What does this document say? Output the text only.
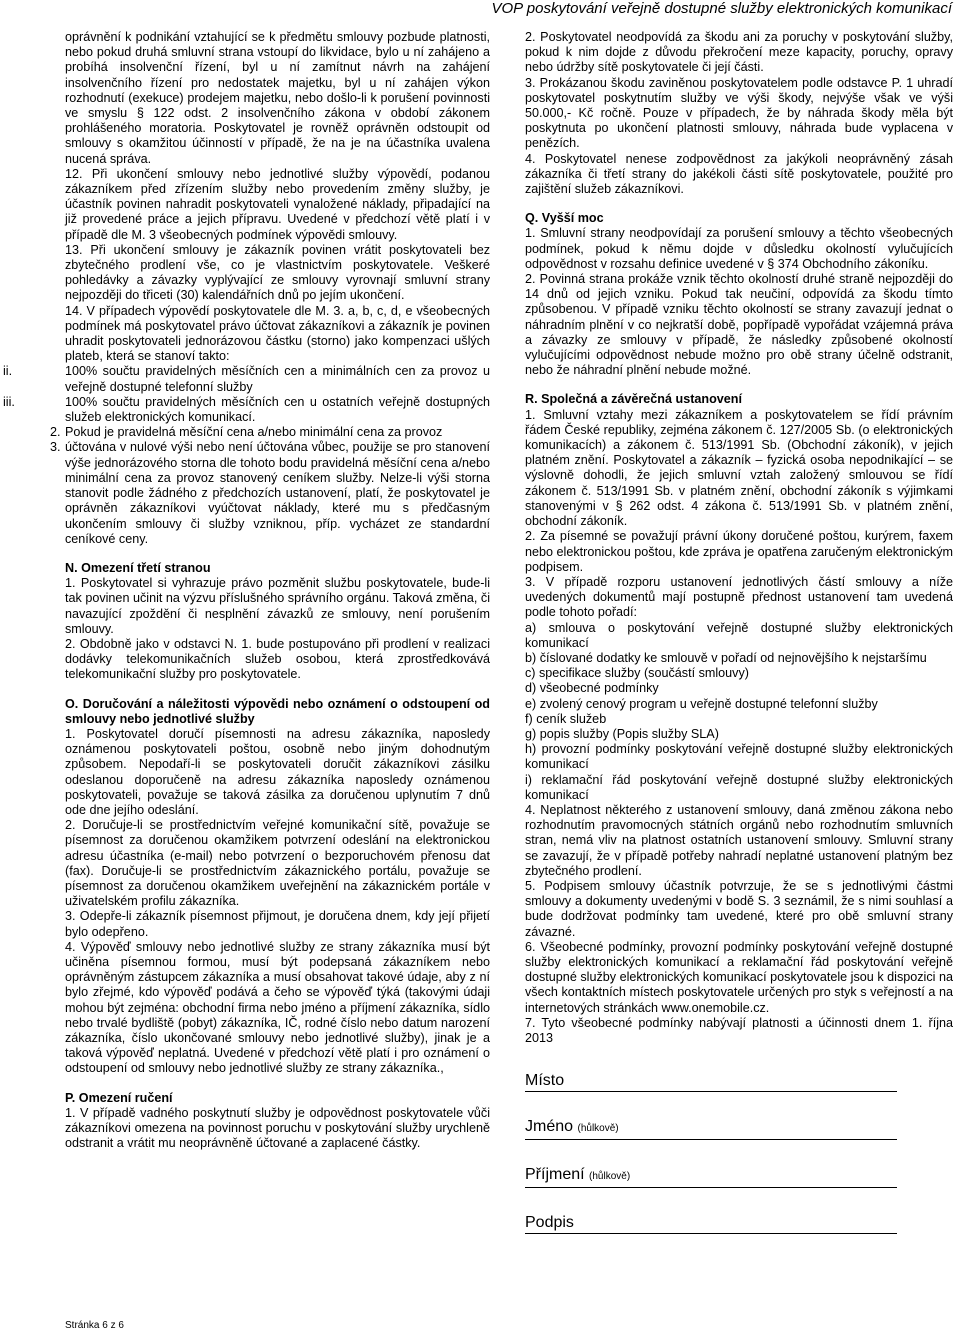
VOP poskytování veřejně dostupné služby elektronických komunikací

oprávnění k podnikání vztahující se k předmětu smlouvy pozbude platnosti, nebo pokud druhá smluvní strana vstoupí do likvidace, bylo u ní zahájeno a probíhá insolvenční řízení, byl u ní zamítnut návrh na zahájení insolvenčního řízení pro nedostatek majetku, byl u ní zahájen výkon rozhodnutí (exekuce) prodejem majetku, nebo došlo-li k porušení povinnosti ve smyslu § 122 odst. 2 insolvenčního zákona v období zákonem prohlášeného moratoria. Poskytovatel je rovněž oprávněn odstoupit od smlouvy s okamžitou účinností v případě, že na je na účastníka uvalena nucená správa.

12. Při ukončení smlouvy nebo jednotlivé služby výpovědí, podanou zákazníkem před zřízením služby nebo provedením změny služby, je účastník povinen nahradit poskytovateli vynaložené náklady, připadající na již provedené práce a jejich přípravu. Uvedené v předchozí větě platí i v případě dle M. 3 všeobecných podmínek výpovědi smlouvy.

13. Při ukončení smlouvy je zákazník povinen vrátit poskytovateli bez zbytečného prodlení vše, co je vlastnictvím poskytovatele. Veškeré pohledávky a závazky vyplývající ze smlouvy vyrovnají smluvní strany nejpozději do třiceti (30) kalendářních dnů po jejím ukončení.

14. V případech výpovědí poskytovatele dle M. 3. a, b, c, d, e všeobecných podmínek má poskytovatel právo účtovat zákazníkovi a zákazník je povinen uhradit poskytovateli jednorázovou částku (storno) jako kompenzaci ušlých plateb, která se stanoví takto:

ii.	100% součtu pravidelných měsíčních cen a minimálních cen za provoz u veřejně dostupné telefonní služby

iii.	100% součtu pravidelných měsíčních cen u ostatních veřejně dostupných služeb elektronických komunikací.

2. Pokud je pravidelná měsíční cena a/nebo minimální cena za provoz

3. účtována v nulové výši nebo není účtována vůbec, použije se pro stanovení výše jednorázového storna dle tohoto bodu pravidelná měsíční cena a/nebo minimální cena za provoz stanovený ceníkem služby. Nelze-li výši storna stanovit podle žádného z předchozích ustanovení, platí, že poskytovatel je oprávněn zákazníkovi vyúčtovat náklady, které mu s předčasným ukončením smlouvy či služby vzniknou, příp. vycházet ze standardní ceníkové ceny.

N. Omezení třetí stranou

1. Poskytovatel si vyhrazuje právo pozměnit službu poskytovatele, bude-li tak povinen učinit na výzvu příslušného správního orgánu. Taková změna, či navazující zpoždění či nesplnění závazků ze smlouvy, není porušením smlouvy.

2. Obdobně jako v odstavci N. 1. bude postupováno při prodlení v realizaci dodávky telekomunikačních služeb osobou, která zprostředkovává telekomunikační služby pro poskytovatele.

O. Doručování a náležitosti výpovědi nebo oznámení o odstoupení od smlouvy nebo jednotlivé služby

1. Poskytovatel doručí písemnosti na adresu zákazníka, naposledy oznámenou poskytovateli poštou, osobně nebo jiným dohodnutým způsobem. Nepodaří-li se poskytovateli doručit zákazníkovi zásilku odeslanou doporučeně na adresu zákazníka naposledy oznámenou poskytovateli, považuje se taková zásilka za doručenou uplynutím 7 dnů ode dne jejího odeslání.

2. Doručuje-li se prostřednictvím veřejné komunikační sítě, považuje se písemnost za doručenou okamžikem potvrzení odeslání na elektronickou adresu účastníka (e-mail) nebo potvrzení o bezporuchovém přenosu dat (fax). Doručuje-li se prostřednictvím zákaznického portálu, považuje se písemnost za doručenou okamžikem uveřejnění na zákaznickém portále v uživatelském profilu zákazníka.

3. Odepře-li zákazník písemnost přijmout, je doručena dnem, kdy její přijetí bylo odepřeno.

4. Výpověď smlouvy nebo jednotlivé služby ze strany zákazníka musí být učiněna písemnou formou, musí být podepsaná zákazníkem nebo oprávněným zástupcem zákazníka a musí obsahovat takové údaje, aby z ní bylo zřejmé, kdo výpověď podává a čeho se výpověď týká (takovými údaji mohou být zejména: obchodní firma nebo jméno a příjmení zákazníka, sídlo nebo trvalé bydliště (pobyt) zákazníka, IČ, rodné číslo nebo datum narození zákazníka, číslo ukončované smlouvy nebo jednotlivé služby), jinak je a taková výpověď neplatná. Uvedené v předchozí větě platí i pro oznámení o odstoupení od smlouvy nebo jednotlivé služby ze strany zákazníka.,

P. Omezení ručení

1. V případě vadného poskytnutí služby je odpovědnost poskytovatele vůči zákazníkovi omezena na povinnost poruchu v poskytování služby urychleně odstranit a vrátit mu neoprávněně účtované a zaplacené částky.

2. Poskytovatel neodpovídá za škodu ani za poruchy v poskytování služby, pokud k nim dojde z důvodu překročení meze kapacity, poruchy, opravy nebo údržby sítě poskytovatele či její části.

3. Prokázanou škodu zaviněnou poskytovatelem podle odstavce P. 1 uhradí poskytovatel poskytnutím služby ve výši škody, nejvýše však ve výši 50.000,- Kč ročně. Pouze v případech, že by náhrada škody měla být poskytnuta po ukončení platnosti smlouvy, náhrada bude vyplacena v penězích.

4. Poskytovatel nenese zodpovědnost za jakýkoli neoprávněný zásah zákazníka či třetí strany do jakékoli části sítě poskytovatele, použité pro zajištění služeb zákazníkovi.

Q. Vyšší moc

1. Smluvní strany neodpovídají za porušení smlouvy a těchto všeobecných podmínek, pokud k němu dojde v důsledku okolností vylučujících odpovědnost v rozsahu definice uvedené v § 374 Obchodního zákoníku.

2. Povinná strana prokáže vznik těchto okolností druhé straně nejpozději do 14 dnů od jejich vzniku. Pokud tak neučiní, odpovídá za škodu tímto způsobenou. V případě vzniku těchto okolností se strany zavazují jednat o náhradním plnění v co nejkratší době, popřípadě vypořádat vzájemná práva a závazky ze smlouvy v případě, že následky způsobené okolností vylučujícími odpovědnost nebude možno pro obě strany účelně odstranit, nebo že náhradní plnění nebude možné.

R. Společná a závěrečná ustanovení

1. Smluvní vztahy mezi zákazníkem a poskytovatelem se řídí právním řádem České republiky, zejména zákonem č. 127/2005 Sb. (o elektronických komunikacích) a zákonem č. 513/1991 Sb. (Obchodní zákoník), v jejich platném znění. Poskytovatel a zákazník – fyzická osoba nepodnikající – se výslovně dohodli, že jejich smluvní vztah založený smlouvou se řídí zákonem č. 513/1991 Sb. v platném znění, obchodní zákoník s výjimkami stanovenými v § 262 odst. 4 zákona č. 513/1991 Sb. v platném znění, obchodní zákoník.

2. Za písemné se považují právní úkony doručené poštou, kurýrem, faxem nebo elektronickou poštou, kde zpráva je opatřena zaručeným elektronickým podpisem.

3. V případě rozporu ustanovení jednotlivých částí smlouvy a níže uvedených dokumentů mají postupně přednost ustanovení tam uvedená podle tohoto pořadí:

a) smlouva o poskytování veřejně dostupné služby elektronických komunikací

b) číslované dodatky ke smlouvě v pořadí od nejnovějšího k nejstaršímu

c) specifikace služby (součástí smlouvy)

d) všeobecné podmínky

e) zvolený cenový program u veřejně dostupné telefonní služby

f) ceník služeb

g) popis služby (Popis služby SLA)

h) provozní podmínky poskytování veřejně dostupné služby elektronických komunikací

i) reklamační řád poskytování veřejně dostupné služby elektronických komunikací

4. Neplatnost některého z ustanovení smlouvy, daná změnou zákona nebo rozhodnutím pravomocných státních orgánů nebo rozhodnutím smluvních stran, nemá vliv na platnost ostatních ustanovení smlouvy. Smluvní strany se zavazují, že v případě potřeby nahradí neplatné ustanovení platným bez zbytečného prodlení.

5. Podpisem smlouvy účastník potvrzuje, že se s jednotlivými částmi smlouvy a dokumenty uvedenými v bodě S. 3 seznámil, že s nimi souhlasí a bude dodržovat podmínky tam uvedené, které pro obě smluvní strany závazné.

6. Všeobecné podmínky, provozní podmínky poskytování veřejně dostupné služby elektronických komunikací a reklamační řád poskytování veřejně dostupné služby elektronických komunikací poskytovatele jsou k dispozici na všech kontaktních místech poskytovatele určených pro styk s veřejností a na internetových stránkách www.onemobile.cz.

7. Tyto všeobecné podmínky nabývají platnosti a účinnosti dnem 1. října 2013

Místo

Jméno (hůlkově)

Příjmení (hůlkově)

Podpis

Stránka 6 z 6
